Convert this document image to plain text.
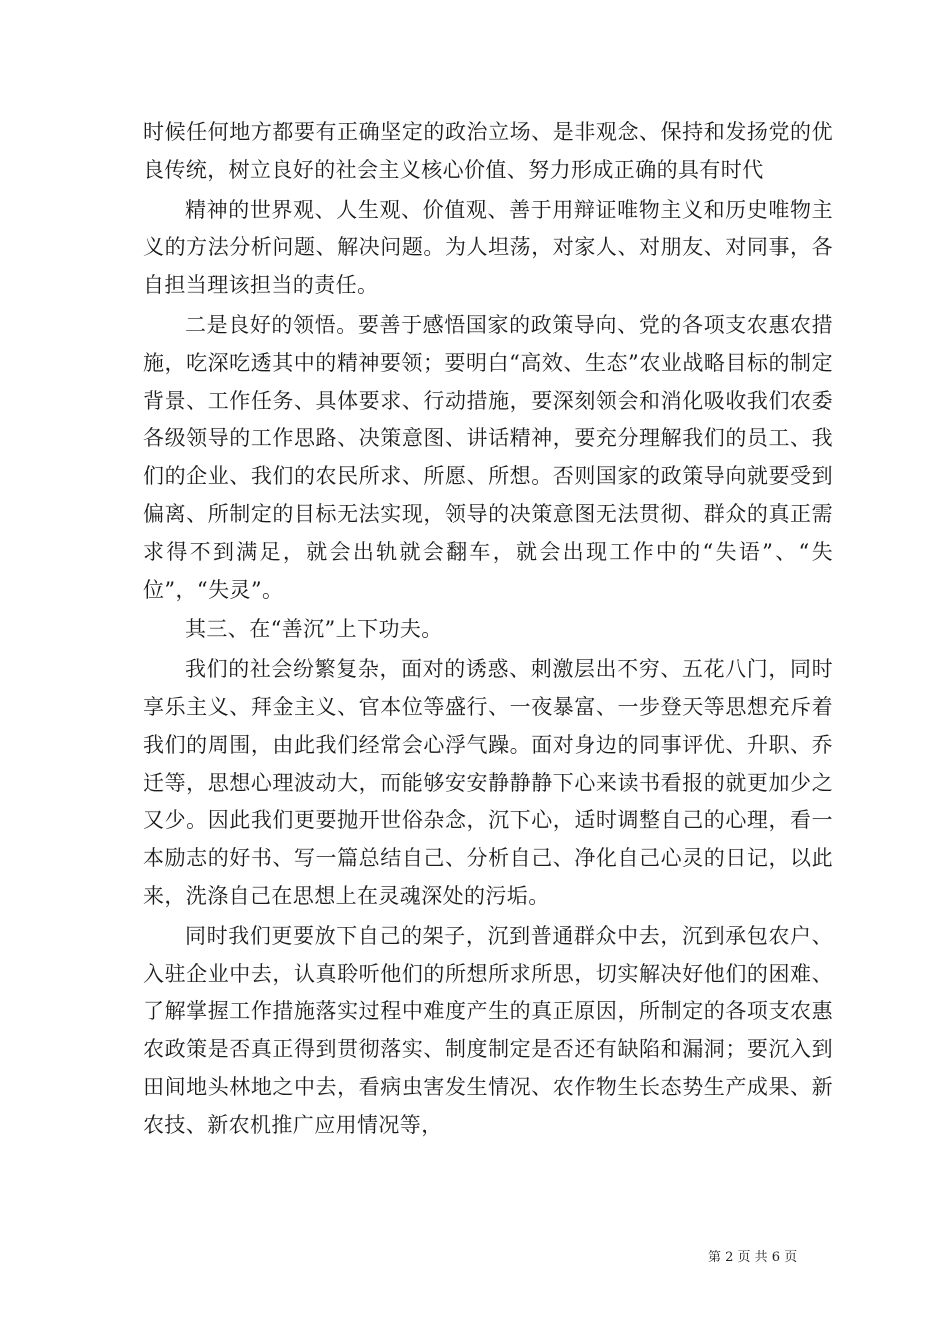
时候任何地方都要有正确坚定的政治立场、是非观念、保持和发扬党的优良传统，树立良好的社会主义核心价值、努力形成正确的具有时代

精神的世界观、人生观、价值观、善于用辩证唯物主义和历史唯物主义的方法分析问题、解决问题。为人坦荡，对家人、对朋友、对同事，各自担当理该担当的责任。

二是良好的领悟。要善于感悟国家的政策导向、党的各项支农惠农措施，吃深吃透其中的精神要领；要明白“高效、生态”农业战略目标的制定背景、工作任务、具体要求、行动措施，要深刻领会和消化吸收我们农委各级领导的工作思路、决策意图、讲话精神，要充分理解我们的员工、我们的企业、我们的农民所求、所愿、所想。否则国家的政策导向就要受到偏离、所制定的目标无法实现，领导的决策意图无法贯彻、群众的真正需求得不到满足，就会出轨就会翻车，就会出现工作中的“失语”、“失位”，“失灵”。

其三、在“善沉”上下功夫。

我们的社会纷繁复杂，面对的诱惑、刺激层出不穷、五花八门，同时享乐主义、拜金主义、官本位等盛行、一夜暴富、一步登天等思想充斥着我们的周围，由此我们经常会心浮气躁。面对身边的同事评优、升职、乔迁等，思想心理波动大，而能够安安静静静下心来读书看报的就更加少之又少。因此我们更要抛开世俗杂念，沉下心，适时调整自己的心理，看一本励志的好书、写一篇总结自己、分析自己、净化自己心灵的日记，以此来，洗涤自己在思想上在灵魂深处的污垢。

同时我们更要放下自己的架子，沉到普通群众中去，沉到承包农户、入驻企业中去，认真聆听他们的所想所求所思，切实解决好他们的困难、了解掌握工作措施落实过程中难度产生的真正原因，所制定的各项支农惠农政策是否真正得到贯彻落实、制度制定是否还有缺陷和漏洞；要沉入到田间地头林地之中去，看病虫害发生情况、农作物生长态势生产成果、新农技、新农机推广应用情况等，

第 2 页 共 6 页
